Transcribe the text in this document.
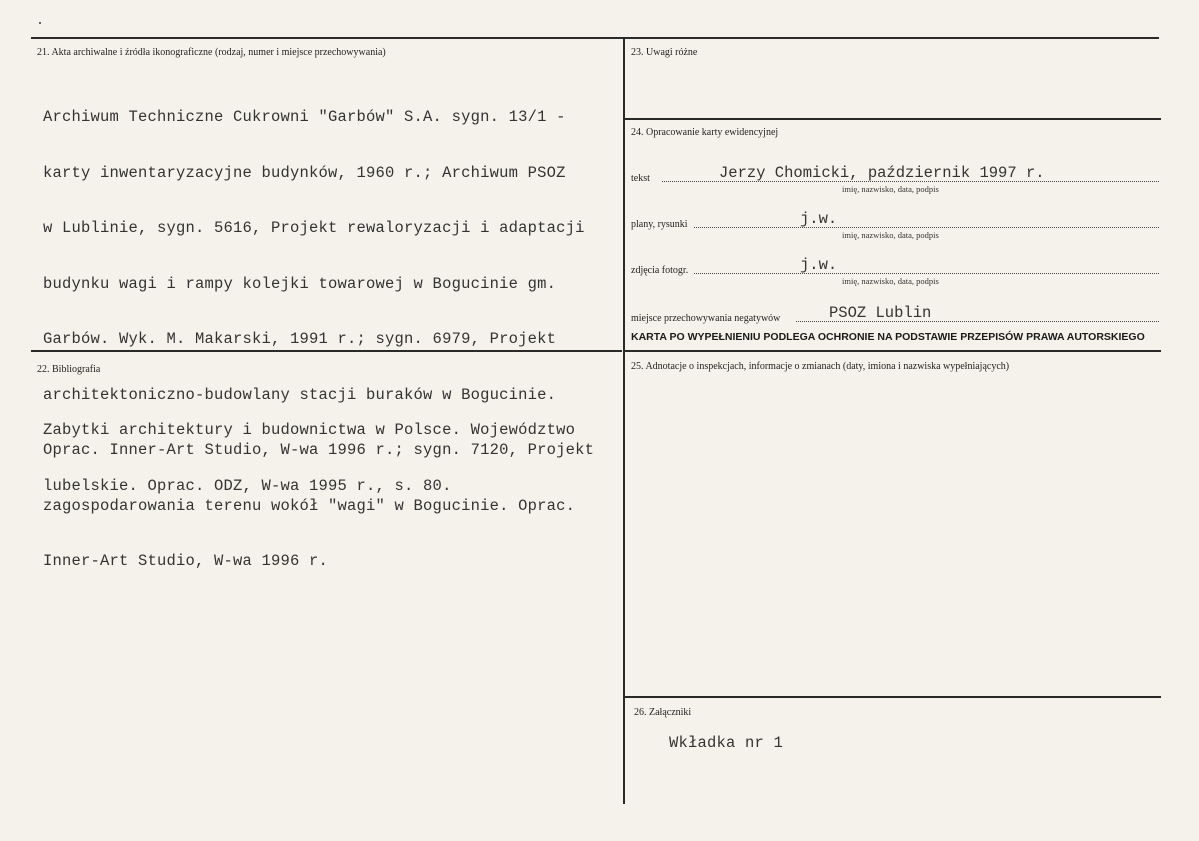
21. Akta archiwalne i źródła ikonograficzne (rodzaj, numer i miejsce przechowywania)

Archiwum Techniczne Cukrowni "Garbów" S.A. sygn. 13/1 -

karty inwentaryzacyjne budynków, 1960 r.; Archiwum PSOZ

w Lublinie, sygn. 5616, Projekt rewaloryzacji i adaptacji

budynku wagi i rampy kolejki towarowej w Bogucinie gm.

Garbów. Wyk. M. Makarski, 1991 r.; sygn. 6979, Projekt

architektoniczno-budowlany stacji buraków w Bogucinie.

Oprac. Inner-Art Studio, W-wa 1996 r.; sygn. 7120, Projekt

zagospodarowania terenu wokół "wagi" w Bogucinie. Oprac.

Inner-Art Studio, W-wa 1996 r.

22. Bibliografia

Zabytki architektury i budownictwa w Polsce. Województwo

lubelskie. Oprac. ODZ, W-wa 1995 r., s. 80.

23. Uwagi różne
24. Opracowanie karty ewidencyjnej
tekst	Jerzy Chomicki, październik 1997 r.
imię, nazwisko, data, podpis
plany, rysunki	j.w.
imię, nazwisko, data, podpis
zdjęcia fotogr.	j.w.
imię, nazwisko, data, podpis
miejsce przechowywania negatywów	PSOZ Lublin
KARTA PO WYPEŁNIENIU PODLEGA OCHRONIE NA PODSTAWIE PRZEPISÓW PRAWA AUTORSKIEGO
25. Adnotacje o inspekcjach, informacje o zmianach (daty, imiona i nazwiska wypełniających)
26. Załączniki
Wkładka nr 1
